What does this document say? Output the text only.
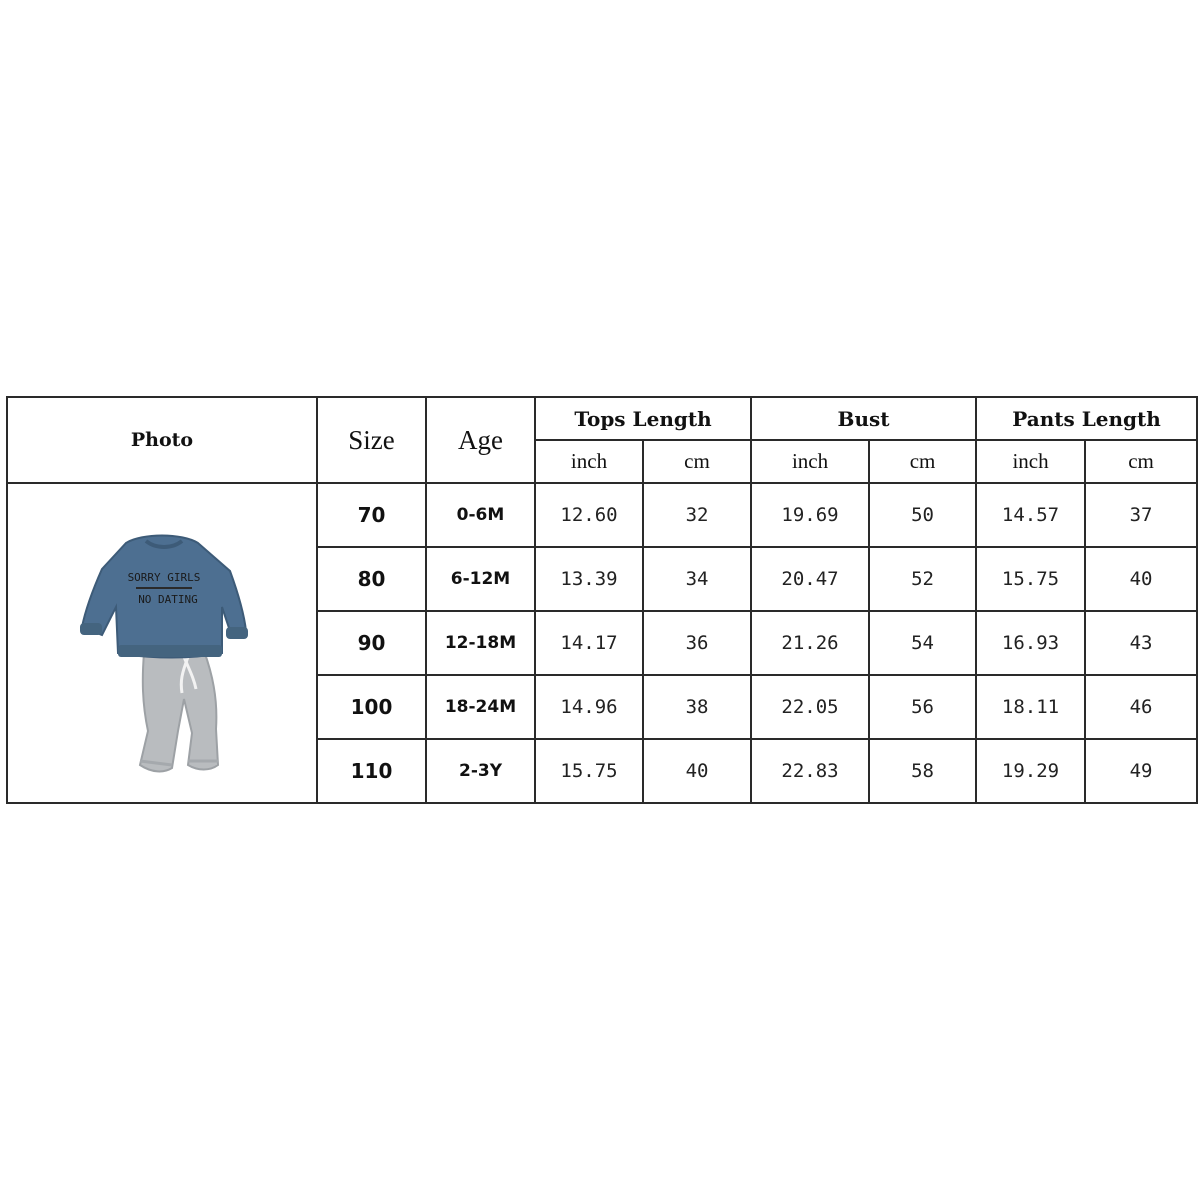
Photo	Size	Age	Tops Length		Bust		Pants Length	
			inch	cm	inch	cm	inch	cm

SORRY GIRLS
NO DATING	70	0-6M	12.60	32	19.69	50	14.57	37
	80	6-12M	13.39	34	20.47	52	15.75	40
	90	12-18M	14.17	36	21.26	54	16.93	43
	100	18-24M	14.96	38	22.05	56	18.11	46
	110	2-3Y	15.75	40	22.83	58	19.29	49
